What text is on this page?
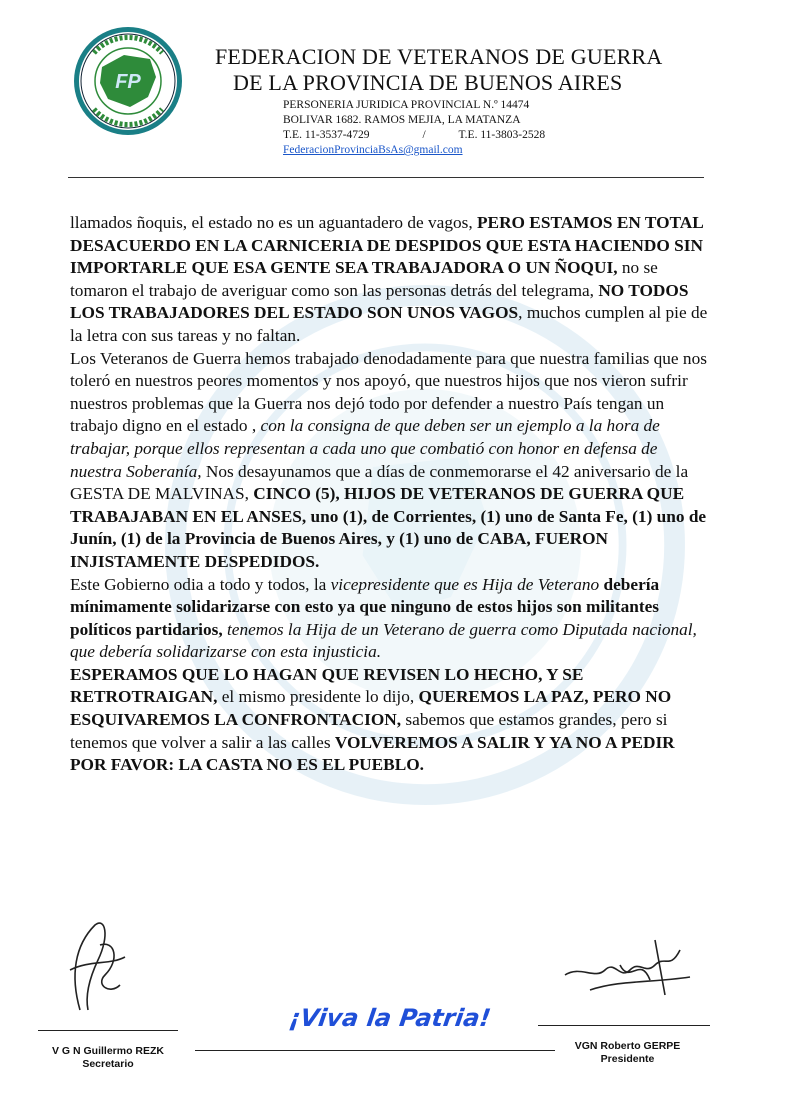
FP
FEDERACION DE VETERANOS DE GUERRA
DE LA PROVINCIA DE BUENOS AIRES
PERSONERIA JURIDICA PROVINCIAL N.º 14474
BOLIVAR 1682. RAMOS MEJIA, LA MATANZA
T.E. 11-3537-4729	/	T.E. 11-3803-2528
FederacionProvinciaBsAs@gmail.com

llamados ñoquis, el estado no es un aguantadero de vagos, PERO ESTAMOS EN TOTAL DESACUERDO EN LA CARNICERIA DE DESPIDOS QUE ESTA HACIENDO SIN IMPORTARLE QUE ESA GENTE SEA TRABAJADORA O UN ÑOQUI, no se tomaron el trabajo de averiguar como son las personas detrás del telegrama, NO TODOS LOS TRABAJADORES DEL ESTADO SON UNOS VAGOS, muchos cumplen al pie de la letra con sus tareas y no faltan.

Los Veteranos de Guerra hemos trabajado denodadamente para que nuestra familias que nos toleró en nuestros peores momentos y nos apoyó, que nuestros hijos que nos vieron sufrir nuestros problemas que la Guerra nos dejó todo por defender a nuestro País tengan un trabajo digno en el estado , con la consigna de que deben ser un ejemplo a la hora de trabajar, porque ellos representan a cada uno que combatió con honor en defensa de nuestra Soberanía, Nos desayunamos que a días de conmemorarse el 42 aniversario de la GESTA DE MALVINAS, CINCO (5), HIJOS DE VETERANOS DE GUERRA QUE TRABAJABAN EN EL ANSES, uno (1), de Corrientes, (1) uno de Santa Fe, (1) uno de Junín, (1) de la Provincia de Buenos Aires, y (1) uno de CABA, FUERON INJISTAMENTE DESPEDIDOS.

Este Gobierno odia a todo y todos, la vicepresidente que es Hija de Veterano debería mínimamente solidarizarse con esto ya que ninguno de estos hijos son militantes políticos partidarios, tenemos la Hija de un Veterano de guerra como Diputada nacional, que debería solidarizarse con esta injusticia.

ESPERAMOS QUE LO HAGAN QUE REVISEN LO HECHO, Y SE RETROTRAIGAN, el mismo presidente lo dijo, QUEREMOS LA PAZ, PERO NO ESQUIVAREMOS LA CONFRONTACION, sabemos que estamos grandes, pero si tenemos que volver a salir a las calles VOLVEREMOS A SALIR Y YA NO A PEDIR POR FAVOR: LA CASTA NO ES EL PUEBLO.

V G N Guillermo REZK
Secretario
¡Viva la Patria!
VGN Roberto GERPE
Presidente
